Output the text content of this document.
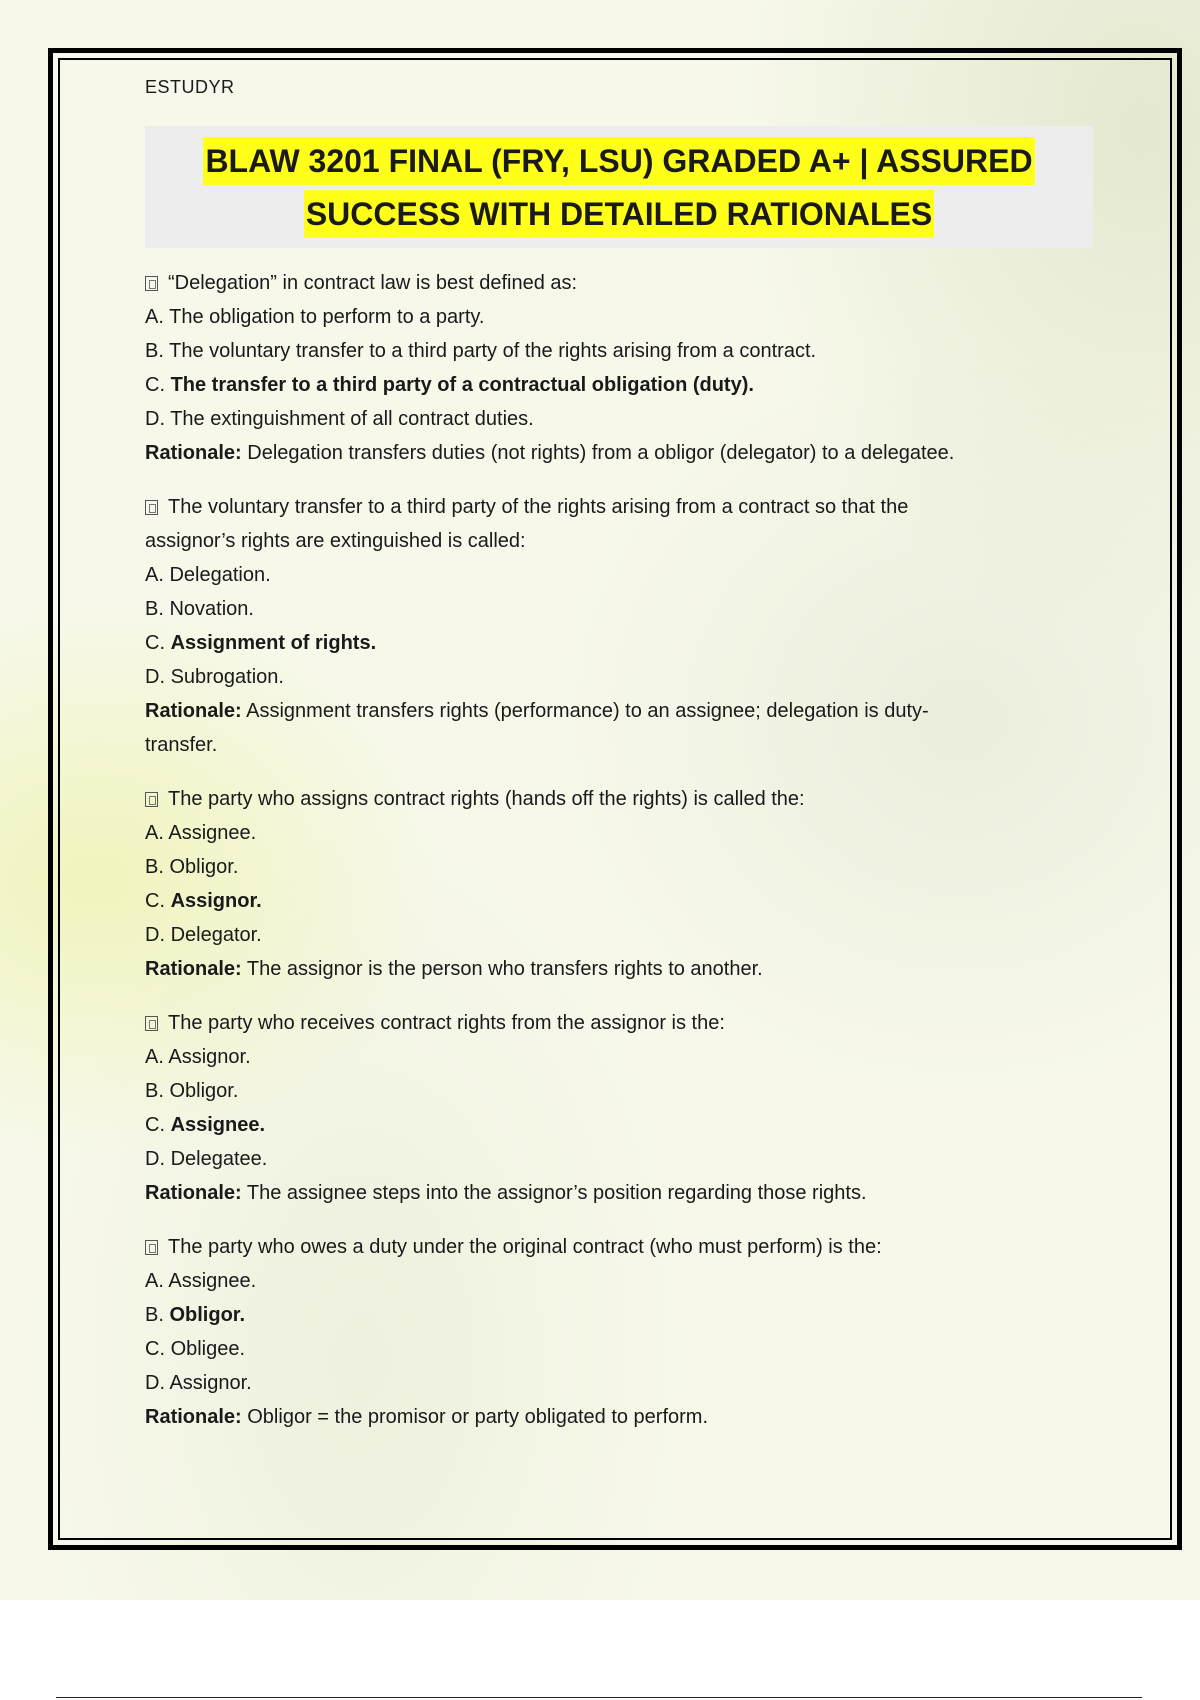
ESTUDYR
BLAW 3201 FINAL (FRY, LSU) GRADED A+ | ASSURED
SUCCESS WITH DETAILED RATIONALES

“Delegation” in contract law is best defined as:

A. The obligation to perform to a party.

B. The voluntary transfer to a third party of the rights arising from a contract.

C. The transfer to a third party of a contractual obligation (duty).

D. The extinguishment of all contract duties.

Rationale: Delegation transfers duties (not rights) from a obligor (delegator) to a delegatee.

The voluntary transfer to a third party of the rights arising from a contract so that the

assignor’s rights are extinguished is called:

A. Delegation.

B. Novation.

C. Assignment of rights.

D. Subrogation.

Rationale: Assignment transfers rights (performance) to an assignee; delegation is duty-

transfer.

The party who assigns contract rights (hands off the rights) is called the:

A. Assignee.

B. Obligor.

C. Assignor.

D. Delegator.

Rationale: The assignor is the person who transfers rights to another.

The party who receives contract rights from the assignor is the:

A. Assignor.

B. Obligor.

C. Assignee.

D. Delegatee.

Rationale: The assignee steps into the assignor’s position regarding those rights.

The party who owes a duty under the original contract (who must perform) is the:

A. Assignee.

B. Obligor.

C. Obligee.

D. Assignor.

Rationale: Obligor = the promisor or party obligated to perform.
